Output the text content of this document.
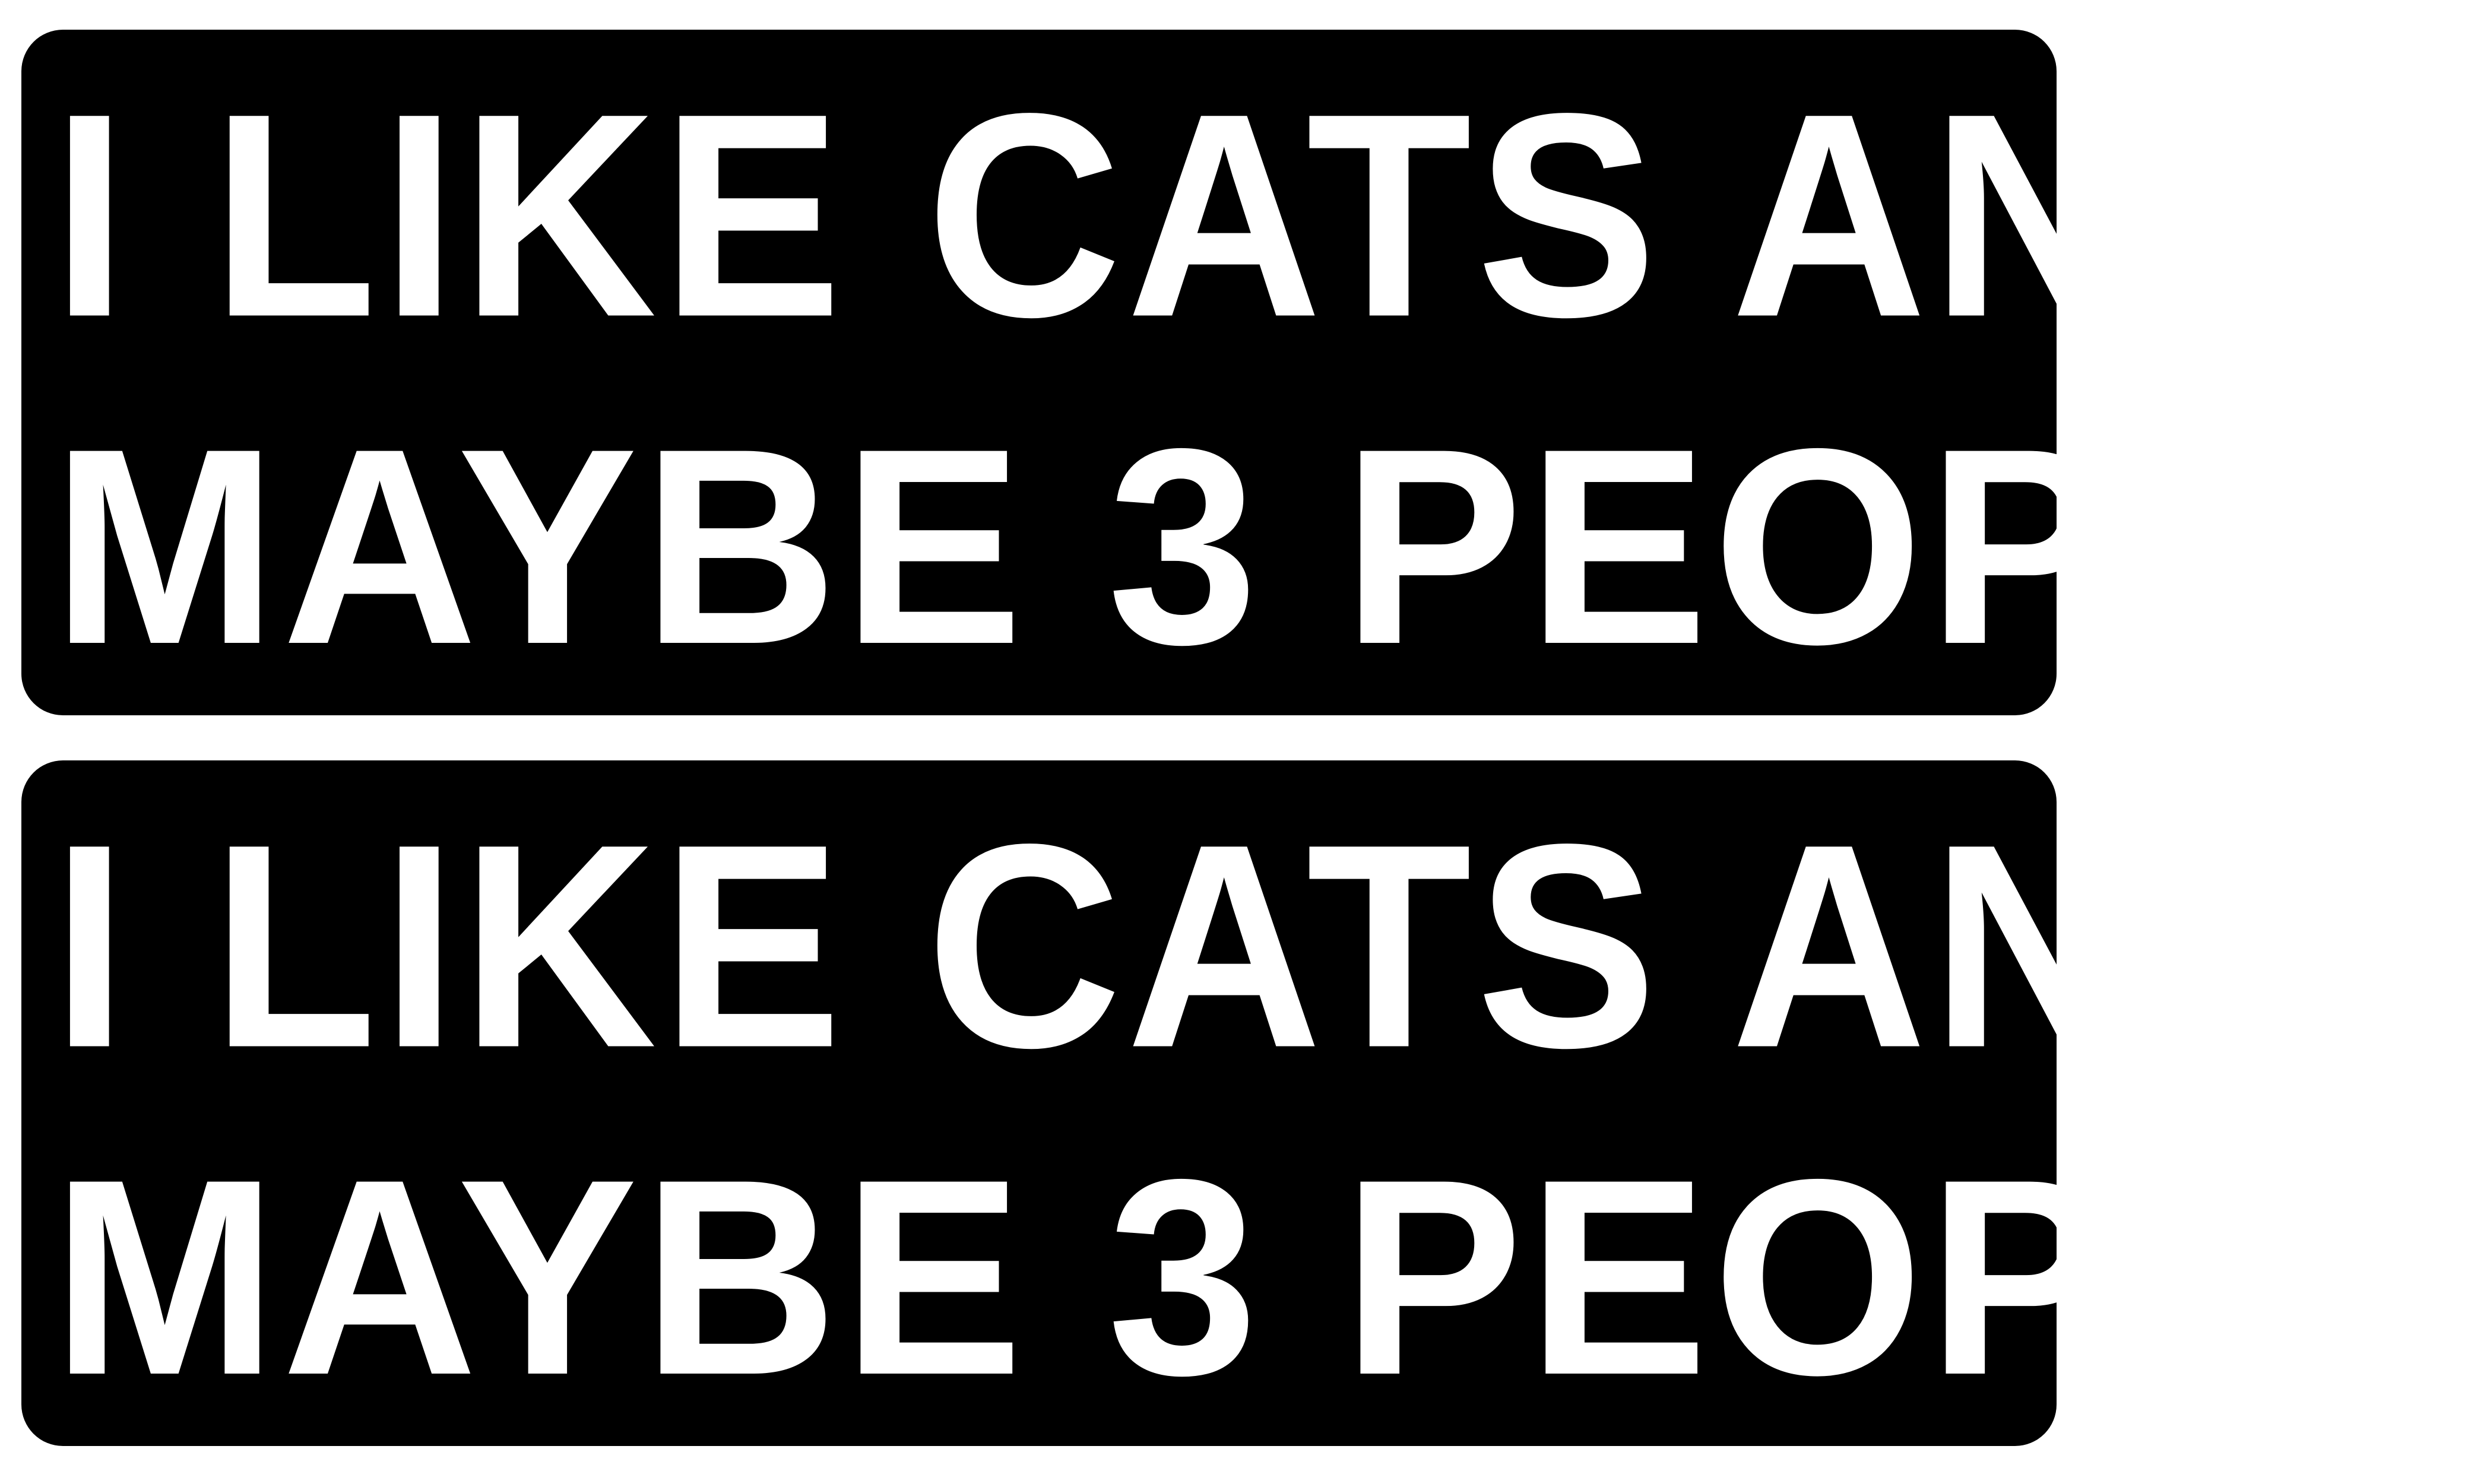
I LIKE CATS AND
MAYBE 3 PEOPLE
I LIKE CATS AND
MAYBE 3 PEOPLE
